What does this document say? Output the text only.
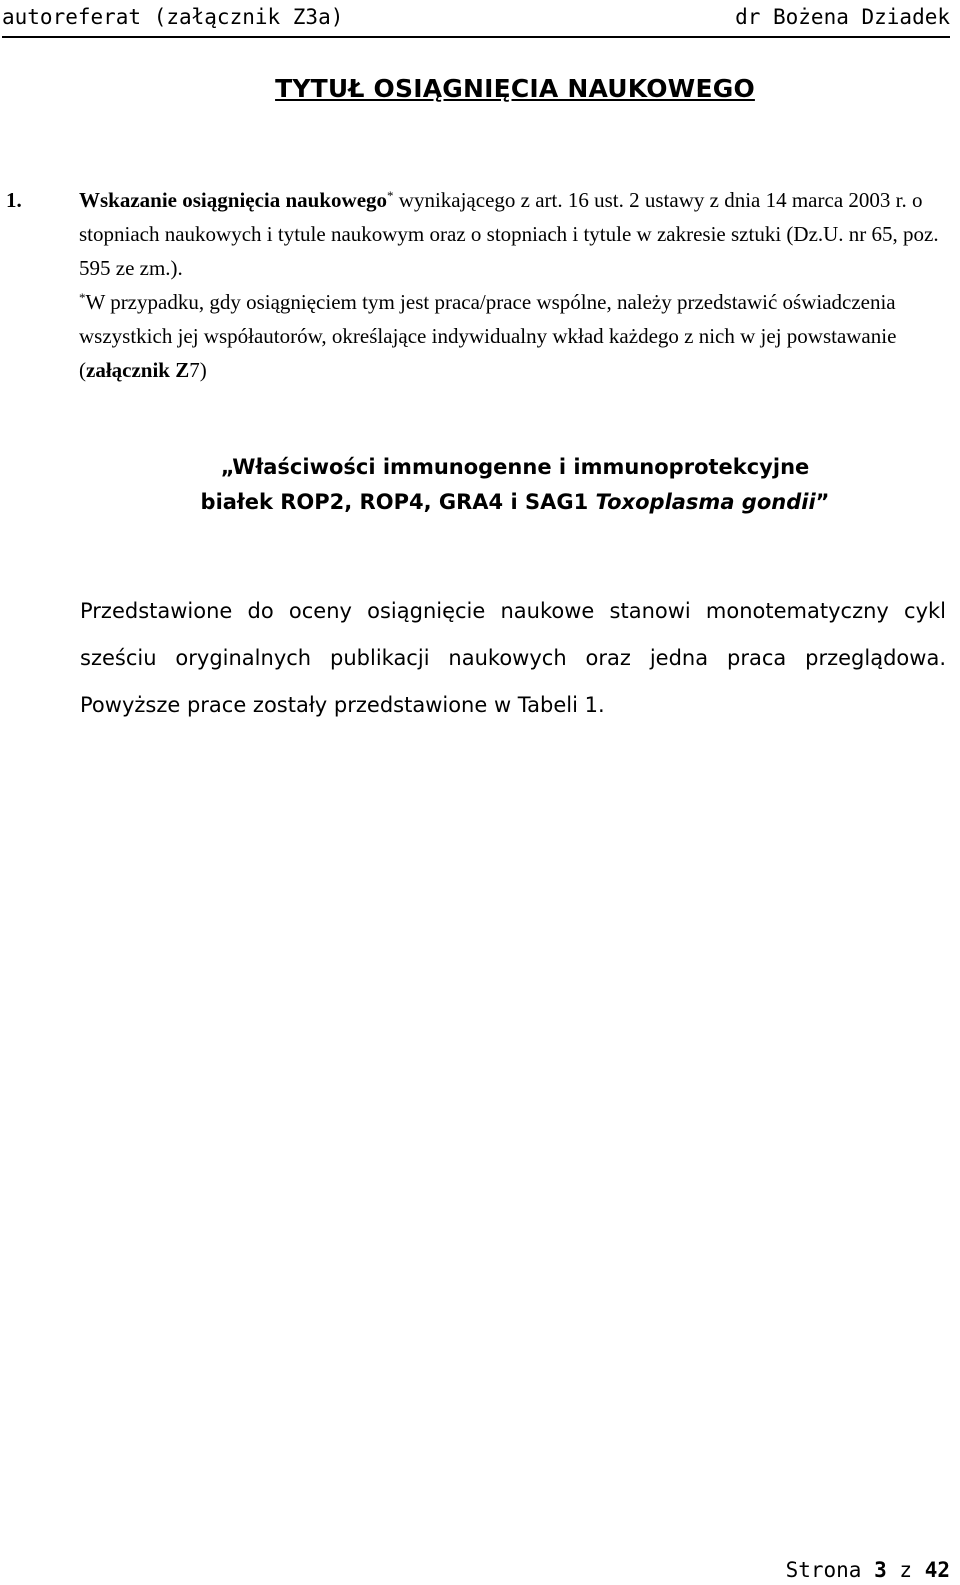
autoreferat (załącznik Z3a)	dr Bożena Dziadek
TYTUŁ OSIĄGNIĘCIA NAUKOWEGO
1.	Wskazanie osiągnięcia naukowego* wynikającego z art. 16 ust. 2 ustawy z dnia 14 marca 2003 r. o stopniach naukowych i tytule naukowym oraz o stopniach i tytule w zakresie sztuki (Dz.U. nr 65, poz. 595 ze zm.).
*W przypadku, gdy osiągnięciem tym jest praca/prace wspólne, należy przedstawić oświadczenia wszystkich jej współautorów, określające indywidualny wkład każdego z nich w jej powstawanie (załącznik Z7)
„Właściwości immunogenne i immunoprotekcyjne
białek ROP2, ROP4, GRA4 i SAG1 Toxoplasma gondii”
Przedstawione do oceny osiągnięcie naukowe stanowi monotematyczny cykl sześciu oryginalnych publikacji naukowych oraz jedna praca przeglądowa. Powyższe prace zostały przedstawione w Tabeli 1.
Strona 3 z 42
